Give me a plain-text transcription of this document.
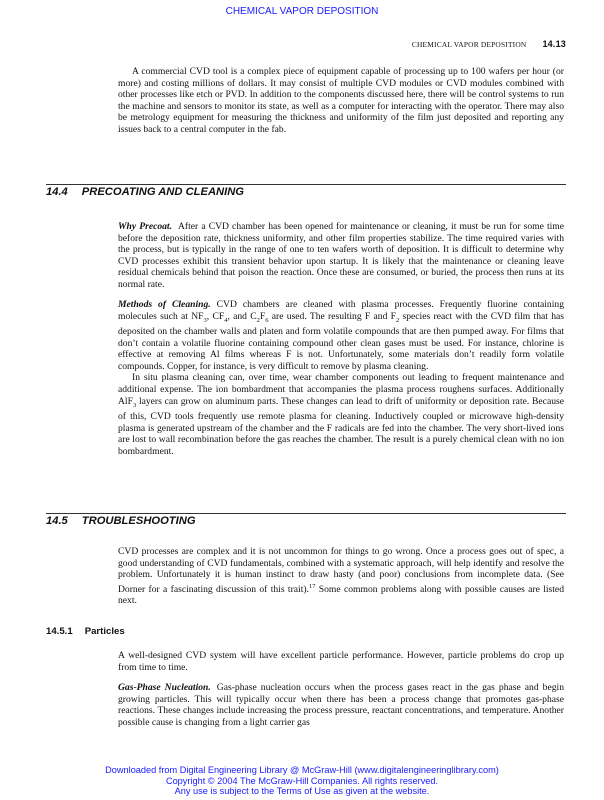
CHEMICAL VAPOR DEPOSITION
CHEMICAL VAPOR DEPOSITION 14.13

A commercial CVD tool is a complex piece of equipment capable of processing up to 100 wafers per hour (or more) and costing millions of dollars. It may consist of multiple CVD modules or CVD modules combined with other processes like etch or PVD. In addition to the components discussed here, there will be control systems to run the machine and sensors to monitor its state, as well as a computer for interacting with the operator. There may also be metrology equipment for measuring the thickness and uniformity of the film just deposited and reporting any issues back to a central computer in the fab.

14.4 PRECOATING AND CLEANING

Why Precoat. After a CVD chamber has been opened for maintenance or cleaning, it must be run for some time before the deposition rate, thickness uniformity, and other film properties stabilize. The time required varies with the process, but is typically in the range of one to ten wafers worth of deposition. It is difficult to determine why CVD processes exhibit this transient behavior upon startup. It is likely that the maintenance or cleaning leave residual chemicals behind that poison the reaction. Once these are consumed, or buried, the process then runs at its normal rate.

Methods of Cleaning. CVD chambers are cleaned with plasma processes. Frequently fluorine containing molecules such at $NF_3$, $CF_4$, and $C_2F_6$ are used. The resulting F and $F_2$ species react with the CVD film that has deposited on the chamber walls and platen and form volatile compounds that are then pumped away. For films that don’t contain a volatile fluorine containing compound other clean gases must be used. For instance, chlorine is effective at removing Al films whereas F is not. Unfortunately, some materials don’t readily form volatile compounds. Copper, for instance, is very difficult to remove by plasma cleaning.

In situ plasma cleaning can, over time, wear chamber components out leading to frequent maintenance and additional expense. The ion bombardment that accompanies the plasma process roughens surfaces. Additionally AlF$_3$ layers can grow on aluminum parts. These changes can lead to drift of uniformity or deposition rate. Because of this, CVD tools frequently use remote plasma for cleaning. Inductively coupled or microwave high-density plasma is generated upstream of the chamber and the F radicals are fed into the chamber. The very short-lived ions are lost to wall recombination before the gas reaches the chamber. The result is a purely chemical clean with no ion bombardment.

14.5 TROUBLESHOOTING

CVD processes are complex and it is not uncommon for things to go wrong. Once a process goes out of spec, a good understanding of CVD fundamentals, combined with a systematic approach, will help identify and resolve the problem. Unfortunately it is human instinct to draw hasty (and poor) conclusions from incomplete data. (See Dorner for a fascinating discussion of this trait).$^{17}$ Some common problems along with possible causes are listed next.

14.5.1 Particles

A well-designed CVD system will have excellent particle performance. However, particle problems do crop up from time to time.

Gas-Phase Nucleation. Gas-phase nucleation occurs when the process gases react in the gas phase and begin growing particles. This will typically occur when there has been a process change that promotes gas-phase reactions. These changes include increasing the process pressure, reactant concentrations, and temperature. Another possible cause is changing from a light carrier gas

Downloaded from Digital Engineering Library @ McGraw-Hill (www.digitalengineeringlibrary.com)
Copyright © 2004 The McGraw-Hill Companies. All rights reserved.
Any use is subject to the Terms of Use as given at the website.
